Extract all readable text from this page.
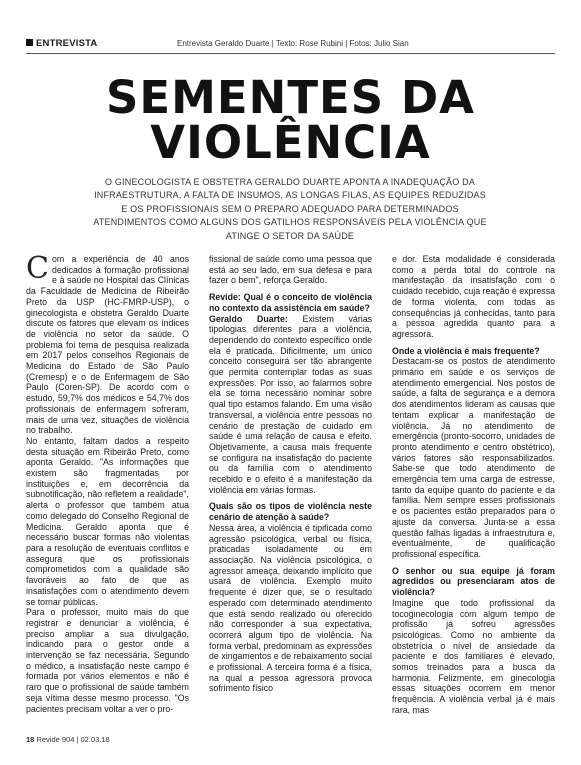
ENTREVISTA	Entrevista Geraldo Duarte | Texto: Rose Rubini | Fotos: Julio Sian
SEMENTES DA
VIOLÊNCIA
O GINECOLOGISTA E OBSTETRA GERALDO DUARTE APONTA A INADEQUAÇÃO DA INFRAESTRUTURA, A FALTA DE INSUMOS, AS LONGAS FILAS, AS EQUIPES REDUZIDAS E OS PROFISSIONAIS SEM O PREPARO ADEQUADO PARA DETERMINADOS ATENDIMENTOS COMO ALGUNS DOS GATILHOS RESPONSÁVEIS PELA VIOLÊNCIA QUE ATINGE O SETOR DA SAÚDE

Com a experiência de 40 anos dedicados à formação profissional e à saúde no Hospital das Clínicas da Faculdade de Medicina de Ribeirão Preto da USP (HC-FMRP-USP), o ginecologista e obstetra Geraldo Duarte discute os fatores que elevam os índices de violência no setor da saúde. O problema foi tema de pesquisa realizada em 2017 pelos conselhos Regionais de Medicina do Estado de São Paulo (Cremesp) e o de Enfermagem de São Paulo (Coren-SP). De acordo com o estudo, 59,7% dos médicos e 54,7% dos profissionais de enfermagem sofreram, mais de uma vez, situações de violência no trabalho.

No entanto, faltam dados a respeito desta situação em Ribeirão Preto, como aponta Geraldo. "As informações que existem são fragmentadas por instituições e, em decorrência da subnotificação, não refletem a realidade", alerta o professor que também atua como delegado do Conselho Regional de Medicina. Geraldo aponta que é necessário buscar formas não violentas para a resolução de eventuais conflitos e assegura que os profissionais comprometidos com a qualidade são favoráveis ao fato de que as insatisfações com o atendimento devem se tornar públicas.

Para o professor, muito mais do que registrar e denunciar a violência, é preciso ampliar a sua divulgação, indicando para o gestor onde a intervenção se faz necessária. Segundo o médico, a insatisfação neste campo é formada por vários elementos e não é raro que o profissional de saúde também seja vítima desse mesmo processo. "Os pacientes precisam voltar a ver o pro-

fissional de saúde como uma pessoa que está ao seu lado, em sua defesa e para fazer o bem", reforça Geraldo.

Revide: Qual é o conceito de violência no contexto da assistência em saúde?

Geraldo Duarte: Existem várias tipologias diferentes para a violência, dependendo do contexto específico onde ela é praticada. Dificilmente, um único conceito conseguirá ser tão abrangente que permita contemplar todas as suas expressões. Por isso, ao falarmos sobre ela se torna necessário nominar sobre qual tipo estamos falando. Em uma visão transversal, a violência entre pessoas no cenário de prestação de cuidado em saúde é uma relação de causa e efeito. Objetivamente, a causa mais frequente se configura na insatisfação do paciente ou da família com o atendimento recebido e o efeito é a manifestação da violência em várias formas.

Quais são os tipos de violência neste cenário de atenção à saúde?

Nessa área, a violência é tipificada como agressão psicológica, verbal ou física, praticadas isoladamente ou em associação. Na violência psicológica, o agressor ameaça, deixando implícito que usará de violência. Exemplo muito frequente é dizer que, se o resultado esperado com determinado atendimento que está sendo realizado ou oferecido não corresponder à sua expectativa, ocorrerá algum tipo de violência. Na forma verbal, predominam as expressões de xingamentos e de rebaixamento social e profissional. A terceira forma é a física, na qual a pessoa agressora provoca sofrimento físico

e dor. Esta modalidade é considerada como a perda total do controle na manifestação da insatisfação com o cuidado recebido, cuja reação é expressa de forma violenta, com todas as consequências já conhecidas, tanto para a pessoa agredida quanto para a agressora.

Onde a violência é mais frequente?

Destacam-se os postos de atendimento primário em saúde e os serviços de atendimento emergencial. Nos postos de saúde, a falta de segurança e a demora dos atendimentos lideram as causas que tentam explicar a manifestação de violência. Já no atendimento de emergência (pronto-socorro, unidades de pronto atendimento e centro obstétrico), vários fatores são responsabilizados. Sabe-se que todo atendimento de emergência tem uma carga de estresse, tanto da equipe quanto do paciente e da família. Nem sempre esses profissionais e os pacientes estão preparados para o ajuste da conversa. Junta-se a essa questão falhas ligadas à infraestrutura e, eventualmente, de qualificação profissional específica.

O senhor ou sua equipe já foram agredidos ou presenciaram atos de violência?

Imagine que todo profissional da tocoginecologia com algum tempo de profissão já sofreu agressões psicológicas. Como no ambiente da obstetrícia o nível de ansiedade da paciente e dos familiares é elevado, somos treinados para a busca da harmonia. Felizmente, em ginecologia essas situações ocorrem em menor frequência. A violência verbal já é mais rara, mas

18 Revide 904 | 02.03.18
